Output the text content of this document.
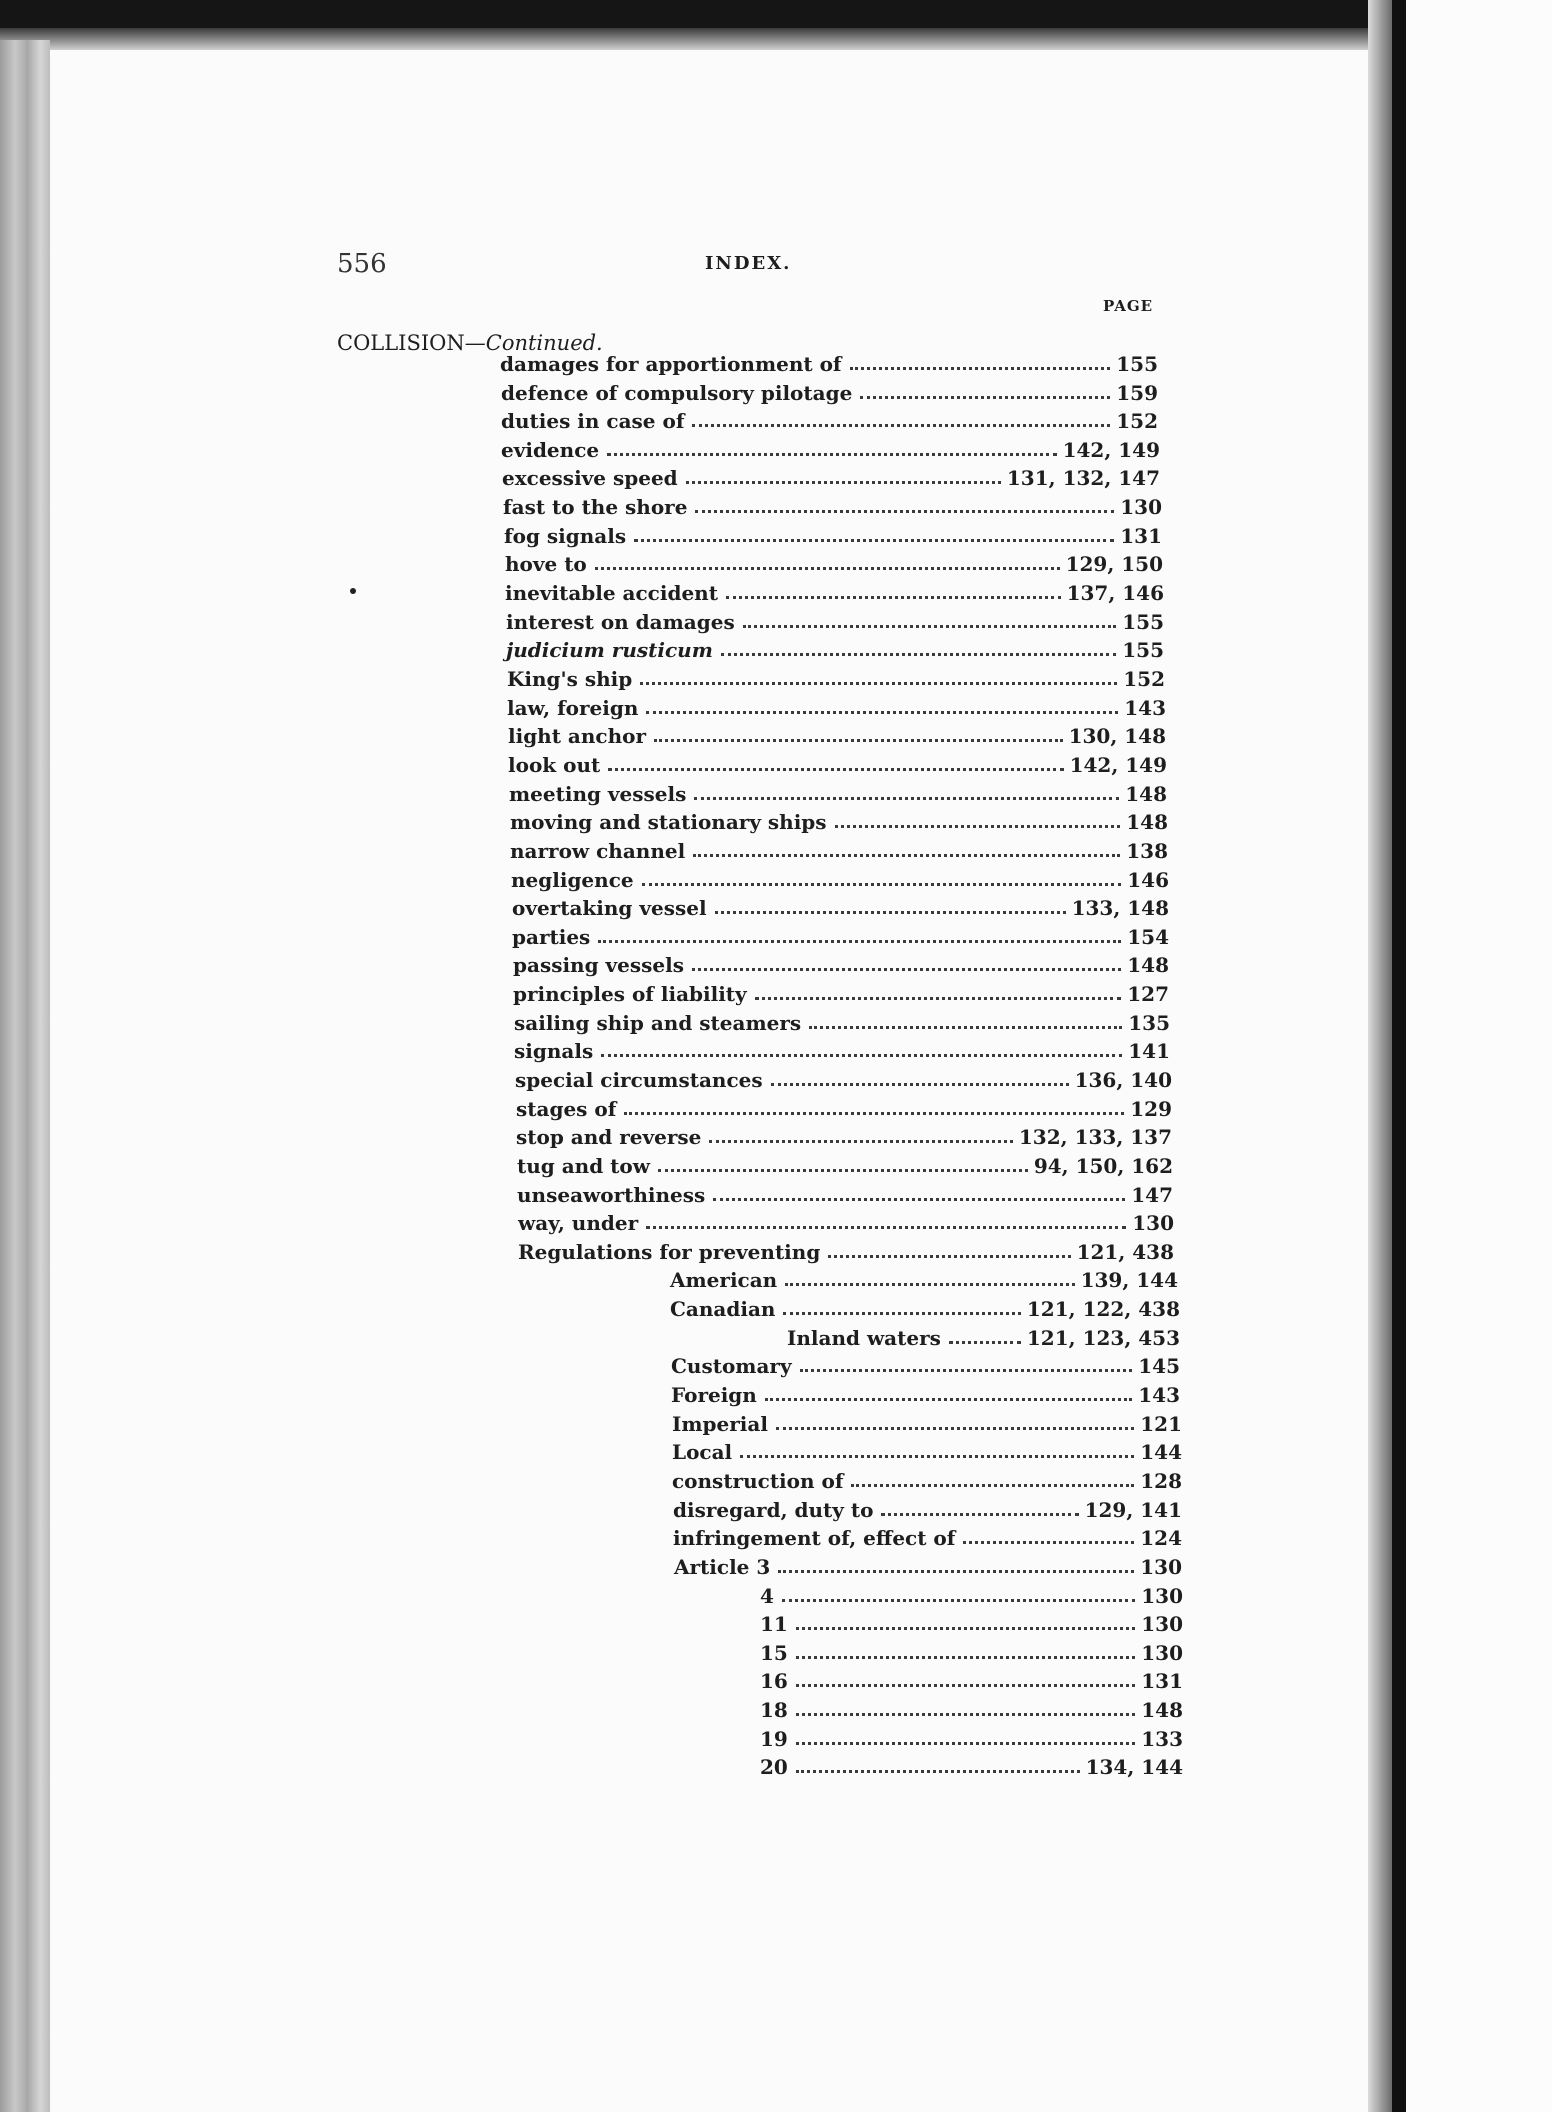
556	INDEX.
PAGE
COLLISION—Continued.
damages for apportionment of	155
defence of compulsory pilotage	159
duties in case of	152
evidence	142, 149
excessive speed	131, 132, 147
fast to the shore	130
fog signals	131
hove to	129, 150
inevitable accident	137, 146
interest on damages	155
judicium rusticum	155
King's ship	152
law, foreign	143
light anchor	130, 148
look out	142, 149
meeting vessels	148
moving and stationary ships	148
narrow channel	138
negligence	146
overtaking vessel	133, 148
parties	154
passing vessels	148
principles of liability	127
sailing ship and steamers	135
signals	141
special circumstances	136, 140
stages of	129
stop and reverse	132, 133, 137
tug and tow	94, 150, 162
unseaworthiness	147
way, under	130
Regulations for preventing	121, 438
American	139, 144
Canadian	121, 122, 438
Inland waters	121, 123, 453
Customary	145
Foreign	143
Imperial	121
Local	144
construction of	128
disregard, duty to	129, 141
infringement of, effect of	124
Article 3	130
4	130
11	130
15	130
16	131
18	148
19	133
20	134, 144
